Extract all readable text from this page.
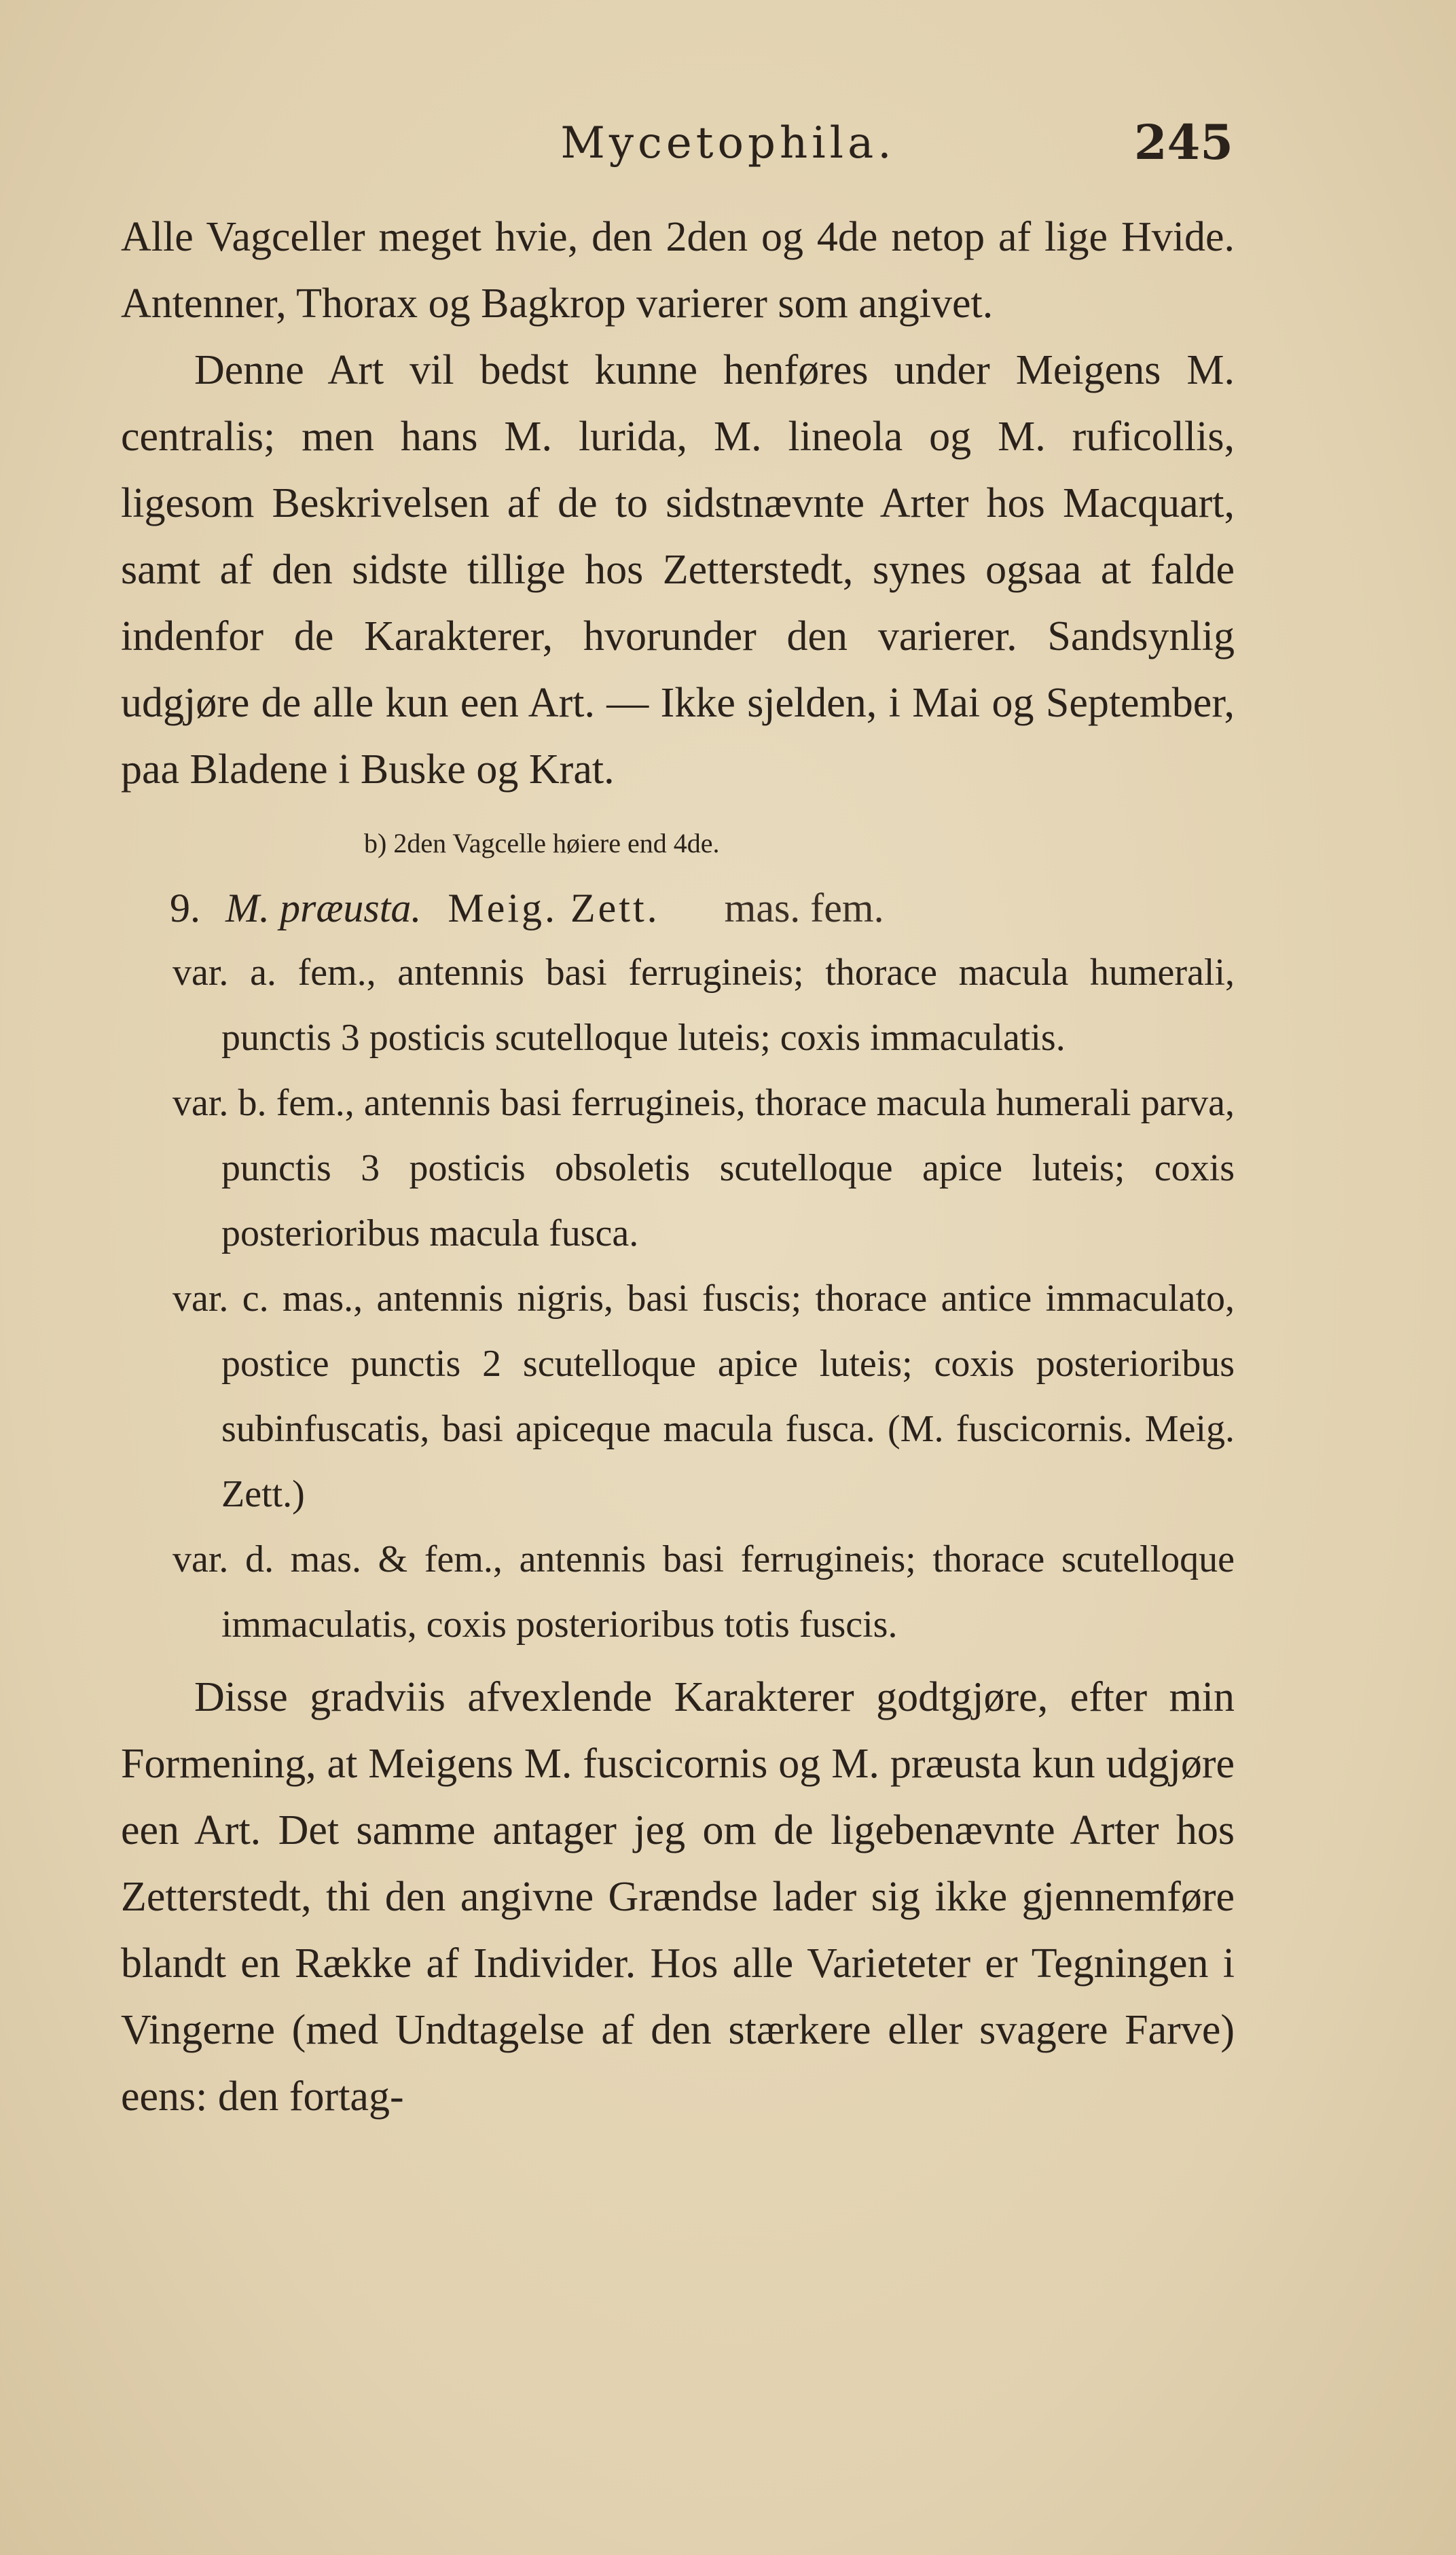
Mycetophila.	245

Alle Vagceller meget hvie, den 2den og 4de netop af lige Hvide. Antenner, Thorax og Bagkrop varierer som angivet.

Denne Art vil bedst kunne henføres under Meigens M. centralis; men hans M. lurida, M. lineola og M. ruficollis, ligesom Beskrivelsen af de to sidstnævnte Arter hos Macquart, samt af den sidste tillige hos Zetterstedt, synes ogsaa at falde indenfor de Karakterer, hvorunder den varierer. Sandsynlig udgjøre de alle kun een Art. — Ikke sjelden, i Mai og September, paa Bladene i Buske og Krat.

b) 2den Vagcelle høiere end 4de.
9. M. præusta. Meig. Zett. mas. fem.

var. a. fem., antennis basi ferrugineis; thorace macula humerali, punctis 3 posticis scutelloque luteis; coxis immaculatis.

var. b. fem., antennis basi ferrugineis, thorace macula humerali parva, punctis 3 posticis obsoletis scutelloque apice luteis; coxis posterioribus macula fusca.

var. c. mas., antennis nigris, basi fuscis; thorace antice immaculato, postice punctis 2 scutelloque apice luteis; coxis posterioribus subinfuscatis, basi apiceque macula fusca. (M. fuscicornis. Meig. Zett.)

var. d. mas. & fem., antennis basi ferrugineis; thorace scutelloque immaculatis, coxis posterioribus totis fuscis.

Disse gradviis afvexlende Karakterer godtgjøre, efter min Formening, at Meigens M. fuscicornis og M. præusta kun udgjøre een Art. Det samme antager jeg om de ligebenævnte Arter hos Zetterstedt, thi den angivne Grændse lader sig ikke gjennemføre blandt en Række af Individer. Hos alle Varieteter er Tegningen i Vingerne (med Undtagelse af den stærkere eller svagere Farve) eens: den fortag-
